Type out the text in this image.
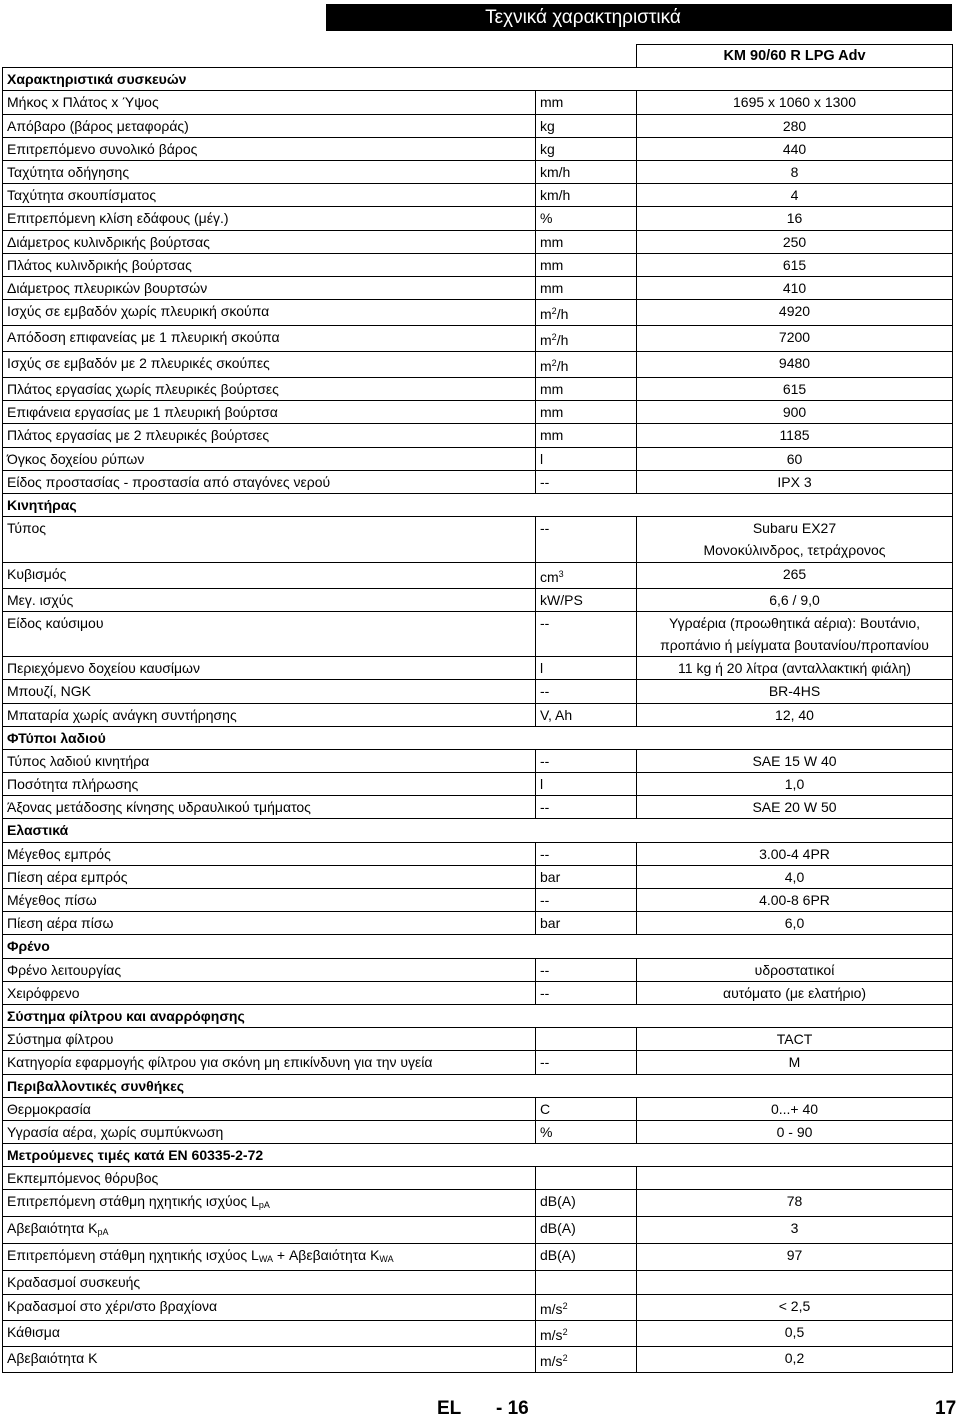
Τεχνικά χαρακτηριστικά
		KM 90/60 R LPG Adv
Χαρακτηριστικά συσκευών		
Μήκος x Πλάτος x Ύψος	mm	1695 x 1060 x 1300

Απόβαρο (βάρος μεταφοράς)	kg	280

Επιτρεπόμενο συνολικό βάρος	kg	440

Ταχύτητα οδήγησης	km/h	8

Ταχύτητα σκουπίσματος	km/h	4

Επιτρεπόμενη κλίση εδάφους (μέγ.)	%	16

Διάμετρος κυλινδρικής βούρτσας	mm	250

Πλάτος κυλινδρικής βούρτσας	mm	615

Διάμετρος πλευρικών βουρτσών	mm	410

Ισχύς σε εμβαδόν χωρίς πλευρική σκούπα	$m^2/h$	4920

Απόδοση επιφανείας με 1 πλευρική σκούπα	$m^2/h$	7200

Ισχύς σε εμβαδόν με 2 πλευρικές σκούπες	$m^2/h$	9480

Πλάτος εργασίας χωρίς πλευρικές βούρτσες	mm	615

Επιφάνεια εργασίας με 1 πλευρική βούρτσα	mm	900

Πλάτος εργασίας με 2 πλευρικές βούρτσες	mm	1185

Όγκος δοχείου ρύπων	l	60

Είδος προστασίας - προστασία από σταγόνες νερού	--	IPX 3

Κινητήρας		
Τύπος	--	Subaru EX27
Μονοκύλινδρος, τετράχρονος

Κυβισμός	$cm^3$	265

Μεγ. ισχύς	kW/PS	6,6 / 9,0

Είδος καύσιμου	--	Υγραέρια (προωθητικά αέρια): Βουτάνιο,
προπάνιο ή μείγματα βουτανίου/προπανίου

Περιεχόμενο δοχείου καυσίμων	l	11 kg ή 20 λίτρα (ανταλλακτική φιάλη)

Μπουζί, NGK	--	BR-4HS

Μπαταρία χωρίς ανάγκη συντήρησης	V, Ah	12, 40

ΦΤύποι λαδιού		
Τύπος λαδιού κινητήρα	--	SAE 15 W 40

Ποσότητα πλήρωσης	l	1,0

Άξονας μετάδοσης κίνησης υδραυλικού τμήματος	--	SAE 20 W 50

Ελαστικά		
Μέγεθος εμπρός	--	3.00-4 4PR

Πίεση αέρα εμπρός	bar	4,0

Μέγεθος πίσω	--	4.00-8 6PR

Πίεση αέρα πίσω	bar	6,0

Φρένο		
Φρένο λειτουργίας	--	υδροστατικοί

Χειρόφρενο	--	αυτόματο (με ελατήριο)

Σύστημα φίλτρου και αναρρόφησης		
Σύστημα φίλτρου		TACT

Κατηγορία εφαρμογής φίλτρου για σκόνη μη επικίνδυνη για την υγεία	--	M

Περιβαλλοντικές συνθήκες		
Θερμοκρασία	C	0...+ 40

Υγρασία αέρα, χωρίς συμπύκνωση	%	0 - 90

Μετρούμενες τιμές κατά EN 60335-2-72		
Εκπεμπόμενος θόρυβος		

Επιτρεπόμενη στάθμη ηχητικής ισχύος $L_{pA}$	dB(A)	78

Αβεβαιότητα $K_{pA}$	dB(A)	3

Επιτρεπόμενη στάθμη ηχητικής ισχύος $L_{WA} + A\beta\varepsilon\beta\alpha\iota ό\tau\eta\tau\alpha$ $K_{WA}$	dB(A)	97

Κραδασμοί συσκευής		

Κραδασμοί στο χέρι/στο βραχίονα	$m/s^2$	< 2,5

Κάθισμα	$m/s^2$	0,5

Αβεβαιότητα K	$m/s^2$	0,2
EL - 16	17
